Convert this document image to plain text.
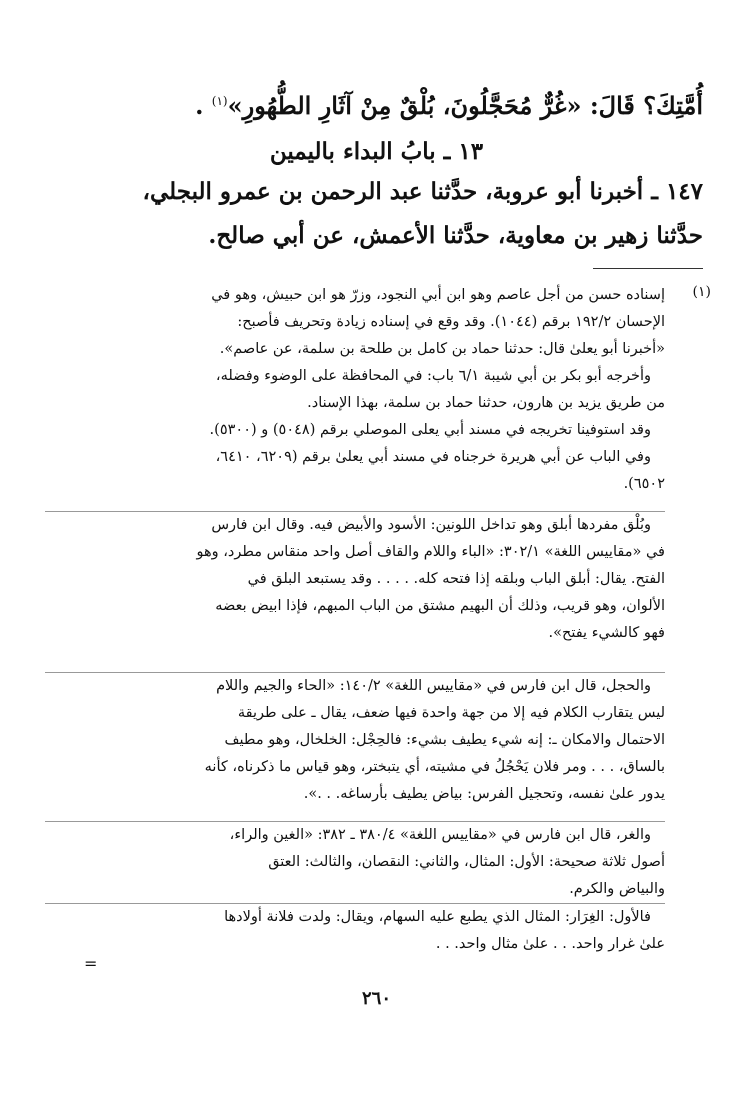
أُمَّتِكَ؟ قَالَ: «غُرٌّ مُحَجَّلُونَ، بُلْقٌ مِنْ آثَارِ الطُّهُورِ»$^{(١)}$ .
١٣ ـ بابُ البداء باليمين
١٤٧ ـ أخبرنا أبو عروبة، حدَّثنا عبد الرحمن بن عمرو البجلي،
حدَّثنا زهير بن معاوية، حدَّثنا الأعمش، عن أبي صالح.
(١)
إسناده حسن من أجل عاصم وهو ابن أبي النجود، وزرّ هو ابن حبيش، وهو في
الإحسان ١٩٢/٢ برقم (١٠٤٤). وقد وقع في إسناده زيادة وتحريف فأصبح:
«أخبرنا أبو يعلىٰ قال: حدثنا حماد بن كامل بن طلحة بن سلمة، عن عاصم».
وأخرجه أبو بكر بن أبي شيبة ٦/١ باب: في المحافظة على الوضوء وفضله،
من طريق يزيد بن هارون، حدثنا حماد بن سلمة، بهذا الإسناد.
وقد استوفينا تخريجه في مسند أبي يعلى الموصلي برقم (٥٠٤٨) و (٥٣٠٠).
وفي الباب عن أبي هريرة خرجناه في مسند أبي يعلىٰ برقم (٦٢٠٩، ٦٤١٠،
٦٥٠٢).
وبُلْق مفردها أبلق وهو تداخل اللونين: الأسود والأبيض فيه. وقال ابن فارس
في «مقاييس اللغة» ٣٠٢/١: «الباء واللام والقاف أصل واحد منقاس مطرد، وهو
الفتح. يقال: أبلق الباب وبلقه إذا فتحه كله. . . . . وقد يستبعد البلق في
الألوان، وهو قريب، وذلك أن البهيم مشتق من الباب المبهم، فإذا ابيض بعضه
فهو كالشيء يفتح».
والحجل، قال ابن فارس في «مقاييس اللغة» ١٤٠/٢: «الحاء والجيم واللام
ليس يتقارب الكلام فيه إلا من جهة واحدة فيها ضعف، يقال ـ على طريقة
الاحتمال والامكان ـ: إنه شيء يطيف بشيء: فالحِجْل: الخلخال، وهو مطيف
بالساق، . . . ومر فلان يَحْجُلُ في مشيته، أي يتبختر، وهو قياس ما ذكرناه، كأنه
يدور علىٰ نفسه، وتحجيل الفرس: بياض يطيف بأرساغه. . .».
والغر، قال ابن فارس في «مقاييس اللغة» ٣٨٠/٤ ـ ٣٨٢: «الغين والراء،
أصول ثلاثة صحيحة: الأول: المثال، والثاني: النقصان، والثالث: العتق
والبياض والكرم.
فالأول: الغِرَار: المثال الذي يطبع عليه السهام، ويقال: ولدت فلانة أولادها
علىٰ غرار واحد. . . علىٰ مثال واحد. . .
=
٢٦٠
